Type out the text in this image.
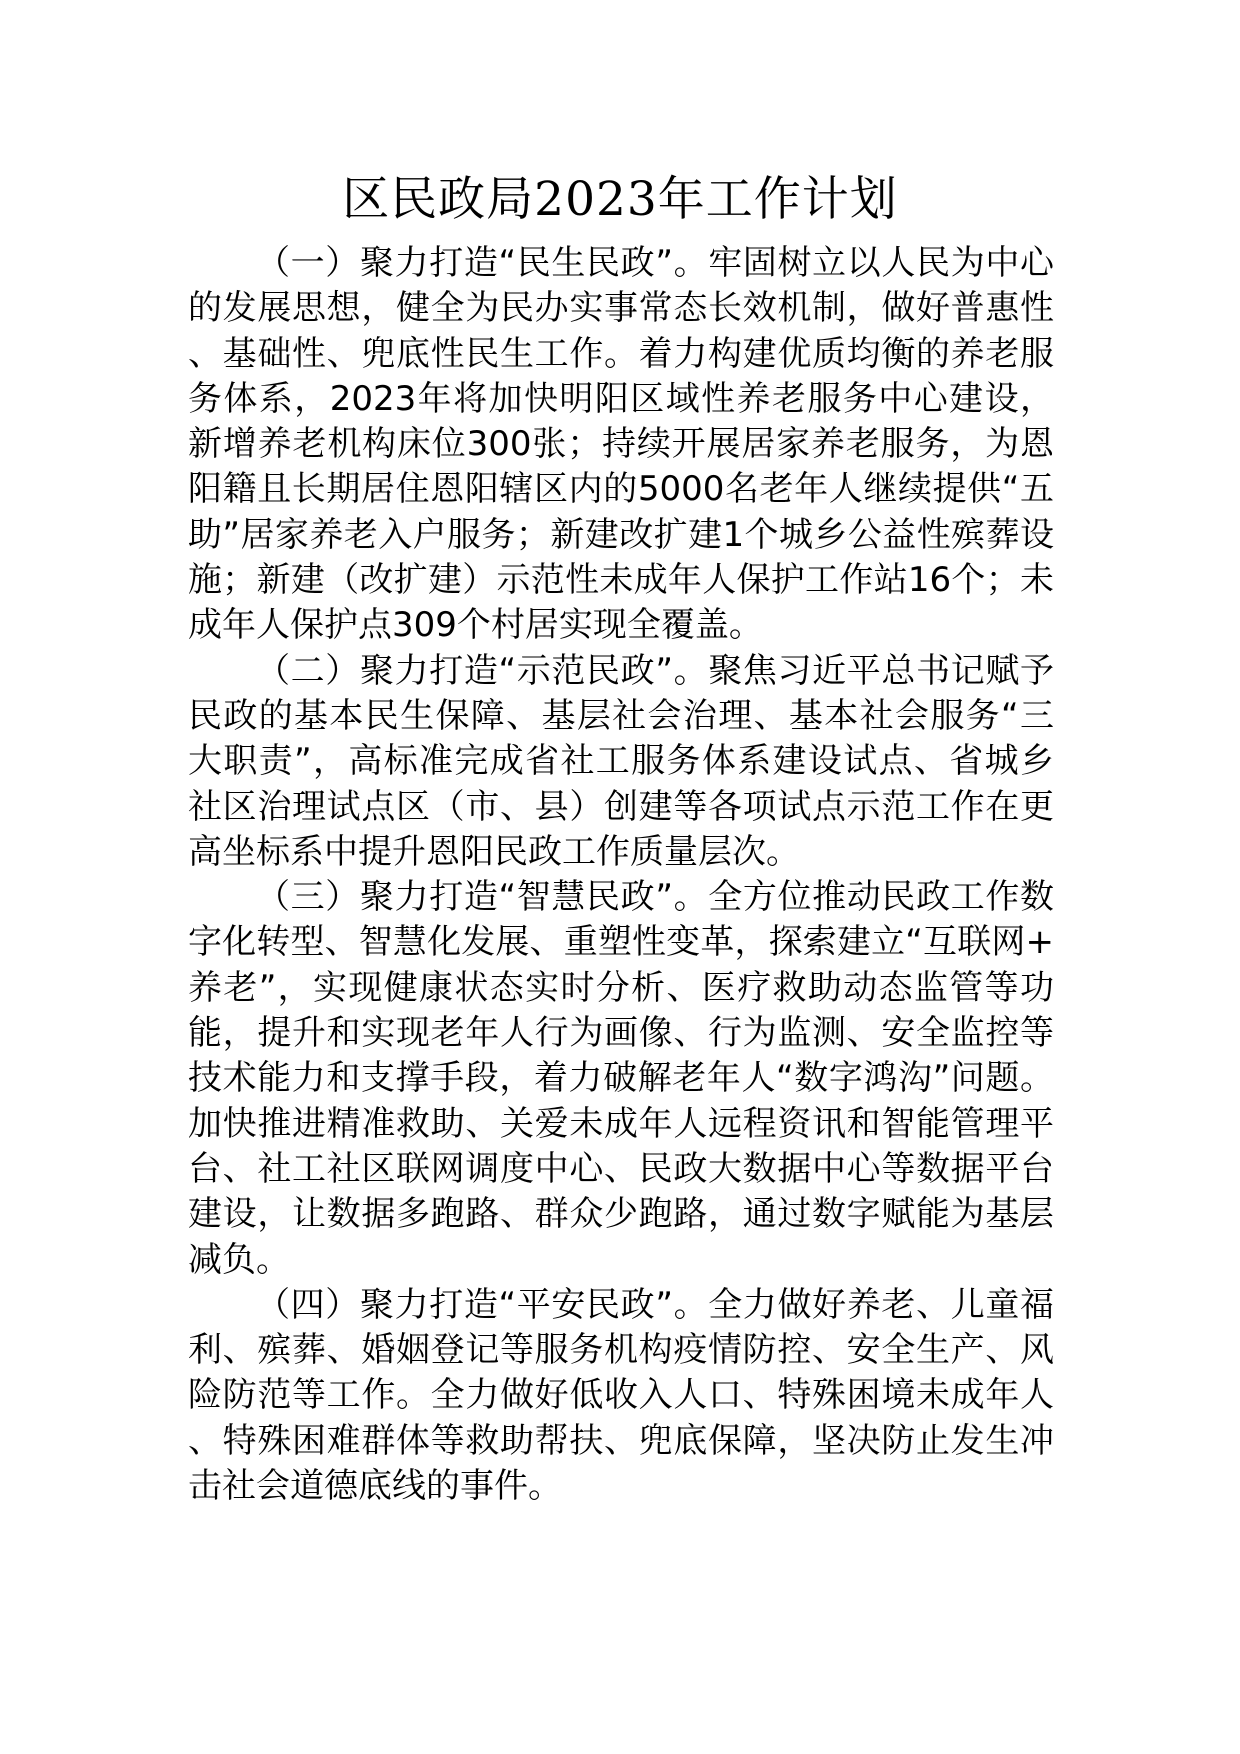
区民政局2023年工作计划

（一）聚力打造“民生民政”。牢固树立以人民为中心的发展思想，健全为民办实事常态长效机制，做好普惠性、基础性、兜底性民生工作。着力构建优质均衡的养老服务体系，2023年将加快明阳区域性养老服务中心建设，新增养老机构床位300张；持续开展居家养老服务，为恩阳籍且长期居住恩阳辖区内的5000名老年人继续提供“五助”居家养老入户服务；新建改扩建1个城乡公益性殡葬设施；新建（改扩建）示范性未成年人保护工作站16个；未成年人保护点309个村居实现全覆盖。

（二）聚力打造“示范民政”。聚焦习近平总书记赋予民政的基本民生保障、基层社会治理、基本社会服务“三大职责”，高标准完成省社工服务体系建设试点、省城乡社区治理试点区（市、县）创建等各项试点示范工作在更高坐标系中提升恩阳民政工作质量层次。

（三）聚力打造“智慧民政”。全方位推动民政工作数字化转型、智慧化发展、重塑性变革，探索建立“互联网+养老”，实现健康状态实时分析、医疗救助动态监管等功能，提升和实现老年人行为画像、行为监测、安全监控等技术能力和支撑手段，着力破解老年人“数字鸿沟”问题。加快推进精准救助、关爱未成年人远程资讯和智能管理平台、社工社区联网调度中心、民政大数据中心等数据平台建设，让数据多跑路、群众少跑路，通过数字赋能为基层减负。

（四）聚力打造“平安民政”。全力做好养老、儿童福利、殡葬、婚姻登记等服务机构疫情防控、安全生产、风险防范等工作。全力做好低收入人口、特殊困境未成年人、特殊困难群体等救助帮扶、兜底保障，坚决防止发生冲击社会道德底线的事件。
